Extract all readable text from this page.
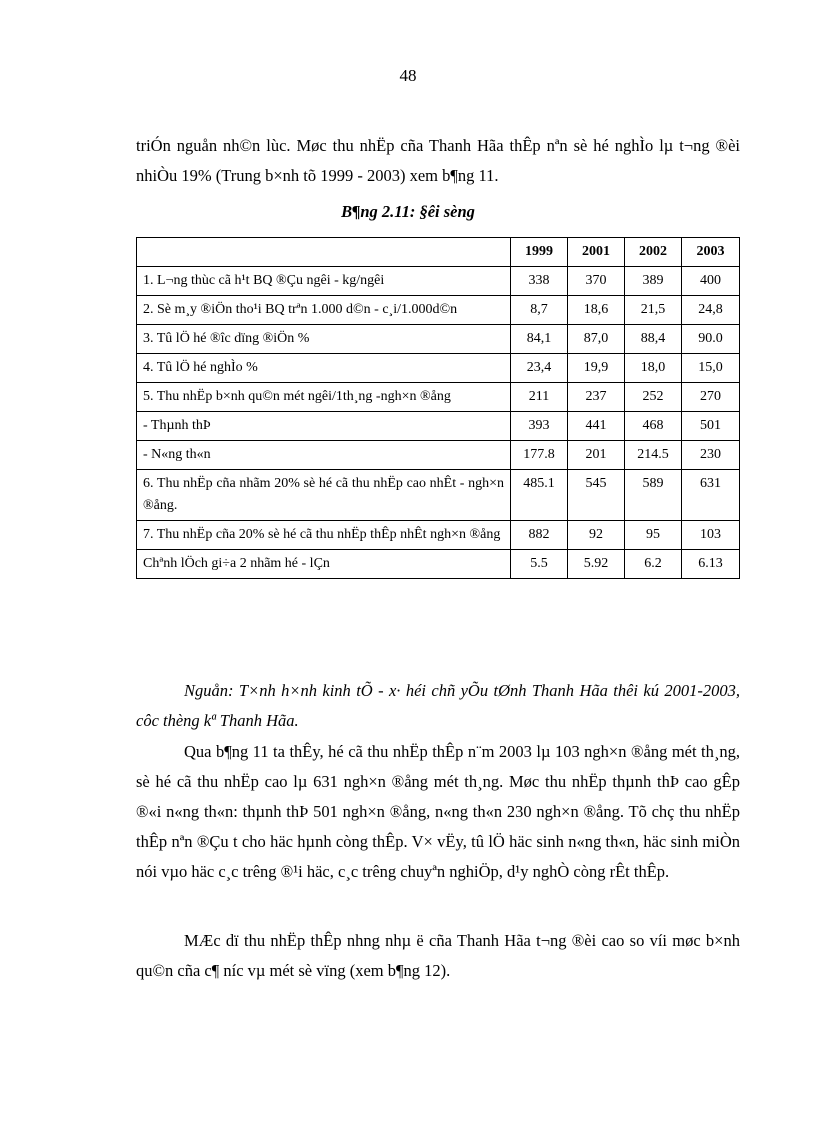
48
triÓn nguån nh©n lùc. Møc thu nhËp cña Thanh Hãa thÊp nªn sè hé nghÌo lµ t¬ng ®èi nhiÒu 19% (Trung b×nh tõ 1999 - 2003) xem b¶ng 11.
B¶ng 2.11: §êi sèng
	1999	2001	2002	2003
1. L¬ng thùc cã h¹t BQ ®Çu ngêi - kg/ngêi	338	370	389	400
2. Sè m¸y ®iÖn tho¹i BQ trªn 1.000 d©n - c¸i/1.000d©n	8,7	18,6	21,5	24,8
3. Tû lÖ hé ®îc dïng ®iÖn %	84,1	87,0	88,4	90.0
4. Tû lÖ hé nghÌo %	23,4	19,9	18,0	15,0
5. Thu nhËp b×nh qu©n mét ngêi/1th¸ng -ngh×n ®ång	211	237	252	270
- Thµnh thÞ	393	441	468	501
- N«ng th«n	177.8	201	214.5	230
6. Thu nhËp cña nhãm 20% sè hé cã thu nhËp cao nhÊt - ngh×n ®ång.	485.1	545	589	631
7. Thu nhËp cña 20% sè hé cã thu nhËp thÊp nhÊt ngh×n ®ång	882	92	95	103
Chªnh lÖch gi÷a 2 nhãm hé - lÇn	5.5	5.92	6.2	6.13
Nguån: T×nh h×nh kinh tÕ - x· héi chñ yÕu tØnh Thanh Hãa thêi kú 2001-2003, côc thèng kª Thanh Hãa.
Qua b¶ng 11 ta thÊy, hé cã thu nhËp thÊp n¨m 2003 lµ 103 ngh×n ®ång mét th¸ng, sè hé cã thu nhËp cao lµ 631 ngh×n ®ång mét th¸ng. Møc thu nhËp thµnh thÞ cao gÊp ®«i n«ng th«n: thµnh thÞ 501 ngh×n ®ång, n«ng th«n 230 ngh×n ®ång. Tõ chç thu nhËp thÊp nªn ®Çu t cho häc hµnh còng thÊp. V× vËy, tû lÖ häc sinh n«ng th«n, häc sinh miÒn nói vµo häc c¸c trêng ®¹i häc, c¸c trêng chuyªn nghiÖp, d¹y nghÒ còng rÊt thÊp.
MÆc dï thu nhËp thÊp nhng nhµ ë cña Thanh Hãa t¬ng ®èi cao so víi møc b×nh qu©n cña c¶ níc vµ mét sè vïng (xem b¶ng 12).
